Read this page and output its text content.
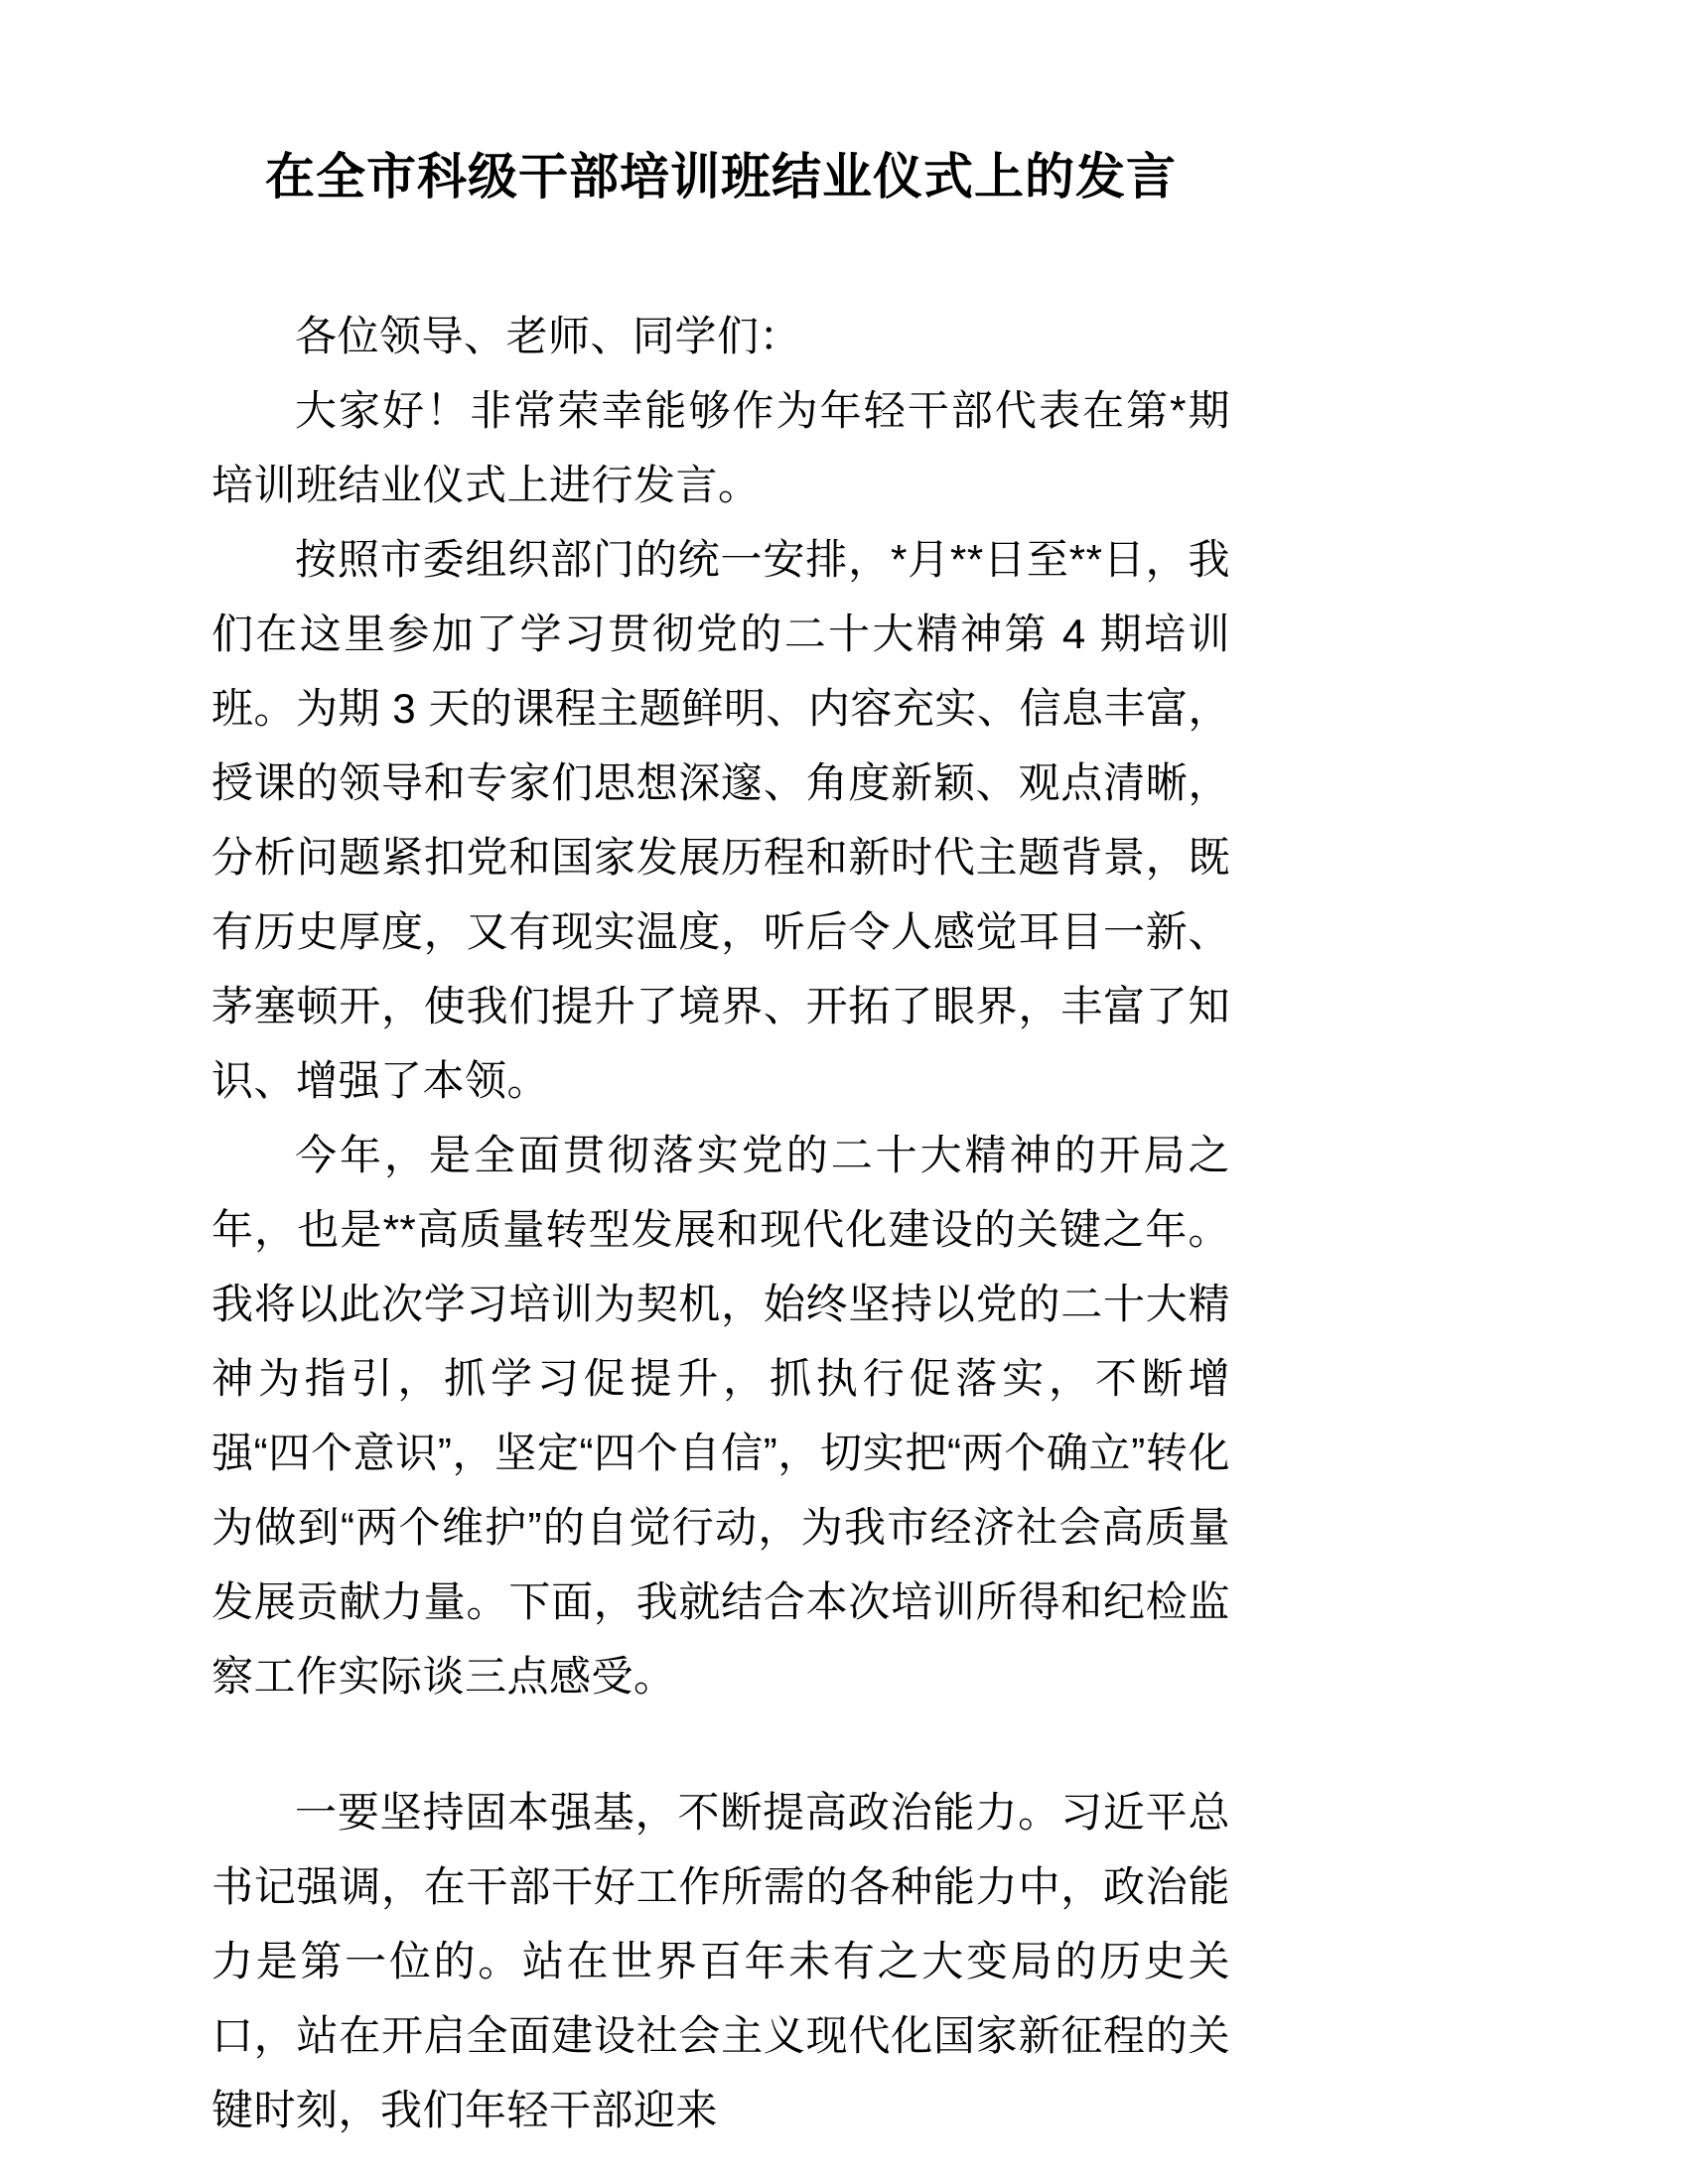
在全市科级干部培训班结业仪式上的发言

各位领导、老师、同学们：

大家好！非常荣幸能够作为年轻干部代表在第*期培训班结业仪式上进行发言。

按照市委组织部门的统一安排，*月**日至**日，我们在这里参加了学习贯彻党的二十大精神第 4 期培训班。为期 3 天的课程主题鲜明、内容充实、信息丰富，授课的领导和专家们思想深邃、角度新颖、观点清晰，分析问题紧扣党和国家发展历程和新时代主题背景，既有历史厚度，又有现实温度，听后令人感觉耳目一新、茅塞顿开，使我们提升了境界、开拓了眼界，丰富了知识、增强了本领。

今年，是全面贯彻落实党的二十大精神的开局之年，也是**高质量转型发展和现代化建设的关键之年。我将以此次学习培训为契机，始终坚持以党的二十大精神为指引，抓学习促提升，抓执行促落实，不断增强“四个意识”，坚定“四个自信”，切实把“两个确立”转化为做到“两个维护”的自觉行动，为我市经济社会高质量发展贡献力量。下面，我就结合本次培训所得和纪检监察工作实际谈三点感受。

一要坚持固本强基，不断提高政治能力。习近平总书记强调，在干部干好工作所需的各种能力中，政治能力是第一位的。站在世界百年未有之大变局的历史关口，站在开启全面建设社会主义现代化国家新征程的关键时刻，我们年轻干部迎来
